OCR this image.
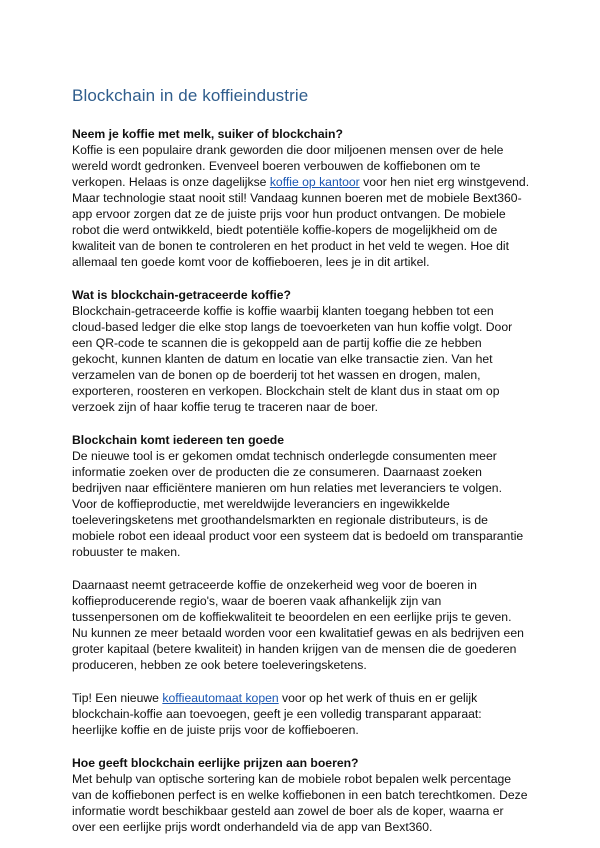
Blockchain in de koffieindustrie
Neem je koffie met melk, suiker of blockchain?

Koffie is een populaire drank geworden die door miljoenen mensen over de hele wereld wordt gedronken. Evenveel boeren verbouwen de koffiebonen om te verkopen. Helaas is onze dagelijkse koffie op kantoor voor hen niet erg winstgevend. Maar technologie staat nooit stil! Vandaag kunnen boeren met de mobiele Bext360-app ervoor zorgen dat ze de juiste prijs voor hun product ontvangen. De mobiele robot die werd ontwikkeld, biedt potentiële koffie-kopers de mogelijkheid om de kwaliteit van de bonen te controleren en het product in het veld te wegen. Hoe dit allemaal ten goede komt voor de koffieboeren, lees je in dit artikel.

Wat is blockchain-getraceerde koffie?

Blockchain-getraceerde koffie is koffie waarbij klanten toegang hebben tot een cloud-based ledger die elke stop langs de toevoerketen van hun koffie volgt. Door een QR-code te scannen die is gekoppeld aan de partij koffie die ze hebben gekocht, kunnen klanten de datum en locatie van elke transactie zien. Van het verzamelen van de bonen op de boerderij tot het wassen en drogen, malen, exporteren, roosteren en verkopen. Blockchain stelt de klant dus in staat om op verzoek zijn of haar koffie terug te traceren naar de boer.

Blockchain komt iedereen ten goede

De nieuwe tool is er gekomen omdat technisch onderlegde consumenten meer informatie zoeken over de producten die ze consumeren. Daarnaast zoeken bedrijven naar efficiëntere manieren om hun relaties met leveranciers te volgen. Voor de koffieproductie, met wereldwijde leveranciers en ingewikkelde toeleveringsketens met groothandelsmarkten en regionale distributeurs, is de mobiele robot een ideaal product voor een systeem dat is bedoeld om transparantie robuuster te maken.

Daarnaast neemt getraceerde koffie de onzekerheid weg voor de boeren in koffieproducerende regio's, waar de boeren vaak afhankelijk zijn van tussenpersonen om de koffiekwaliteit te beoordelen en een eerlijke prijs te geven. Nu kunnen ze meer betaald worden voor een kwalitatief gewas en als bedrijven een groter kapitaal (betere kwaliteit) in handen krijgen van de mensen die de goederen produceren, hebben ze ook betere toeleveringsketens.

Tip! Een nieuwe koffieautomaat kopen voor op het werk of thuis en er gelijk blockchain-koffie aan toevoegen, geeft je een volledig transparant apparaat: heerlijke koffie en de juiste prijs voor de koffieboeren.

Hoe geeft blockchain eerlijke prijzen aan boeren?

Met behulp van optische sortering kan de mobiele robot bepalen welk percentage van de koffiebonen perfect is en welke koffiebonen in een batch terechtkomen. Deze informatie wordt beschikbaar gesteld aan zowel de boer als de koper, waarna er over een eerlijke prijs wordt onderhandeld via de app van Bext360.
